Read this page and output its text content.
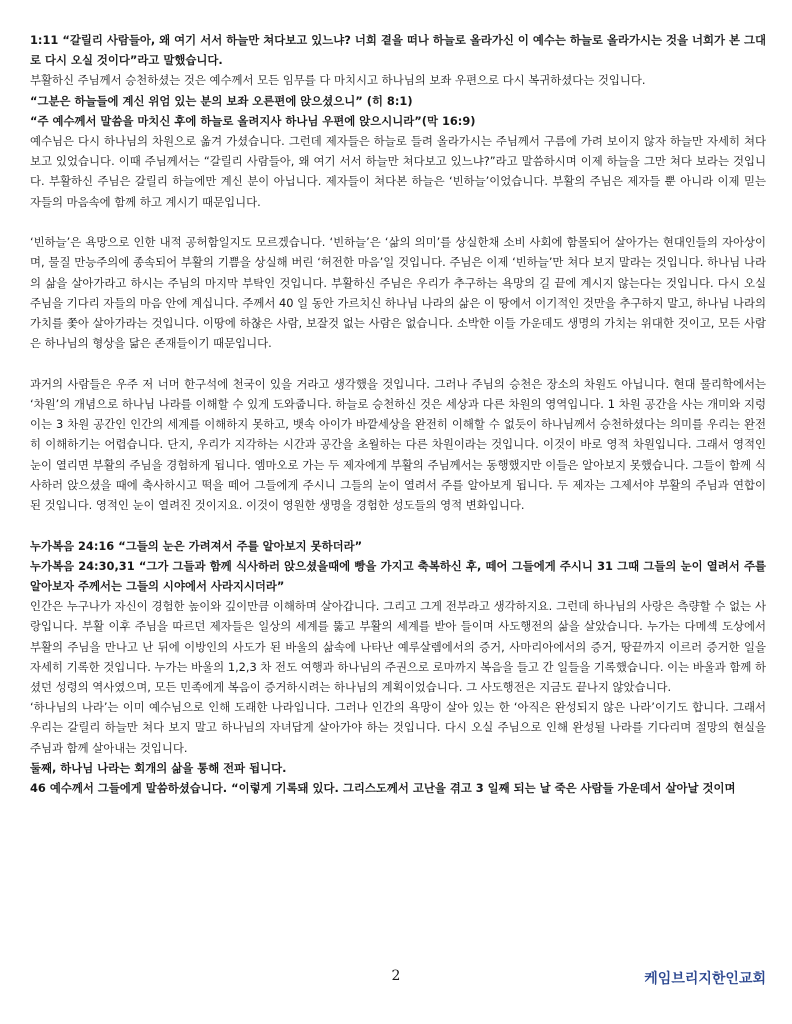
1:11 “갈릴리 사람들아, 왜 여기 서서 하늘만 쳐다보고 있느냐? 너희 곁을 떠나 하늘로 올라가신 이 예수는 하늘로 올라가시는 것을 너희가 본 그대로 다시 오실 것이다”라고 말했습니다.

부활하신 주님께서 승천하셨는 것은 예수께서 모든 임무를 다 마치시고 하나님의 보좌 우편으로 다시 복귀하셨다는 것입니다.

“그분은 하늘들에 계신 위엄 있는 분의 보좌 오른편에 앉으셨으니” (히 8:1)

“주 예수께서 말씀을 마치신 후에 하늘로 올려지사 하나님 우편에 앉으시니라”(막 16:9)

예수님은 다시 하나님의 차원으로 옮겨 가셨습니다. 그런데 제자들은 하늘로 들려 올라가시는 주님께서 구름에 가려 보이지 않자 하늘만 자세히 쳐다보고 있었습니다. 이때 주님께서는 “갈릴리 사람들아, 왜 여기 서서 하늘만 쳐다보고 있느냐?”라고 말씀하시며 이제 하늘을 그만 쳐다 보라는 것입니다. 부활하신 주님은 갈릴리 하늘에만 계신 분이 아닙니다. 제자들이 쳐다본 하늘은 ‘빈하늘’이었습니다. 부활의 주님은 제자들 뿐 아니라 이제 믿는 자들의 마음속에 함께 하고 계시기 때문입니다.

‘빈하늘’은 욕망으로 인한 내적 공허함일지도 모르겠습니다. ‘빈하늘’은 ‘삶의 의미’를 상실한채 소비 사회에 함몰되어 살아가는 현대인들의 자아상이며, 물질 만능주의에 종속되어 부활의 기쁨을 상실해 버린 ‘허전한 마음’일 것입니다. 주님은 이제 ‘빈하늘’만 쳐다 보지 말라는 것입니다. 하나님 나라의 삶을 살아가라고 하시는 주님의 마지막 부탁인 것입니다. 부활하신 주님은 우리가 추구하는 욕망의 길 끝에 계시지 않는다는 것입니다. 다시 오실 주님을 기다리 자들의 마음 안에 계십니다. 주께서 40 일 동안 가르치신 하나님 나라의 삶은 이 땅에서 이기적인 것만을 추구하지 말고, 하나님 나라의 가치를 쫓아 살아가라는 것입니다. 이땅에 하찮은 사람, 보잘것 없는 사람은 없습니다. 소박한 이들 가운데도 생명의 가치는 위대한 것이고, 모든 사람은 하나님의 형상을 닮은 존재들이기 때문입니다.

과거의 사람들은 우주 저 너머 한구석에 천국이 있을 거라고 생각했을 것입니다. 그러나 주님의 승천은 장소의 차원도 아닙니다. 현대 물리학에서는 ‘차원’의 개념으로 하나님 나라를 이해할 수 있게 도와줍니다. 하늘로 승천하신 것은 세상과 다른 차원의 영역입니다. 1 차원 공간을 사는 개미와 지렁이는 3 차원 공간인 인간의 세계를 이해하지 못하고, 뱃속 아이가 바깥세상을 완전히 이해할 수 없듯이 하나님께서 승천하셨다는 의미를 우리는 완전히 이해하기는 어렵습니다. 단지, 우리가 지각하는 시간과 공간을 초월하는 다른 차원이라는 것입니다. 이것이 바로 영적 차원입니다. 그래서 영적인 눈이 열리면 부활의 주님을 경험하게 됩니다. 엠마오로 가는 두 제자에게 부활의 주님께서는 동행했지만 이들은 알아보지 못했습니다. 그들이 함께 식사하러 앉으셨을 때에 축사하시고 떡을 떼어 그들에게 주시니 그들의 눈이 열려서 주를 알아보게 됩니다. 두 제자는 그제서야 부활의 주님과 연합이 된 것입니다. 영적인 눈이 열려진 것이지요. 이것이 영원한 생명을 경험한 성도들의 영적 변화입니다.

누가복음 24:16 “그들의 눈은 가려져서 주를 알아보지 못하더라”

누가복음 24:30,31 “그가 그들과 함께 식사하러 앉으셨을때에 빵을 가지고 축복하신 후, 떼어 그들에게 주시니 31 그때 그들의 눈이 열려서 주를 알아보자 주께서는 그들의 시야에서 사라지시더라”

인간은 누구나가 자신이 경험한 높이와 깊이만큼 이해하며 살아갑니다. 그리고 그게 전부라고 생각하지요. 그런데 하나님의 사랑은 측량할 수 없는 사랑입니다. 부활 이후 주님을 따르던 제자들은 일상의 세계를 뚫고 부활의 세계를 받아 들이며 사도행전의 삶을 살았습니다. 누가는 다메섹 도상에서 부활의 주님을 만나고 난 뒤에 이방인의 사도가 된 바울의 삶속에 나타난 예루살렘에서의 증거, 사마리아에서의 증거, 땅끝까지 이르러 증거한 일을 자세히 기록한 것입니다. 누가는 바울의 1,2,3 차 전도 여행과 하나님의 주권으로 로마까지 복음을 들고 간 일들을 기록했습니다. 이는 바울과 함께 하셨던 성령의 역사였으며, 모든 민족에게 복음이 증거하시려는 하나님의 계획이었습니다. 그 사도행전은 지금도 끝나지 않았습니다.

‘하나님의 나라’는 이미 예수님으로 인해 도래한 나라입니다. 그러나 인간의 욕망이 살아 있는 한 ‘아직은 완성되지 않은 나라’이기도 합니다. 그래서 우리는 갈릴리 하늘만 쳐다 보지 말고 하나님의 자녀답게 살아가야 하는 것입니다. 다시 오실 주님으로 인해 완성될 나라를 기다리며 절망의 현실을 주님과 함께 살아내는 것입니다.

둘째, 하나님 나라는 회개의 삶을 통해 전파 됩니다.

46 예수께서 그들에게 말씀하셨습니다. “이렇게 기록돼 있다. 그리스도께서 고난을 겪고 3 일째 되는 날 죽은 사람들 가운데서 살아날 것이며

2	케임브리지한인교회
